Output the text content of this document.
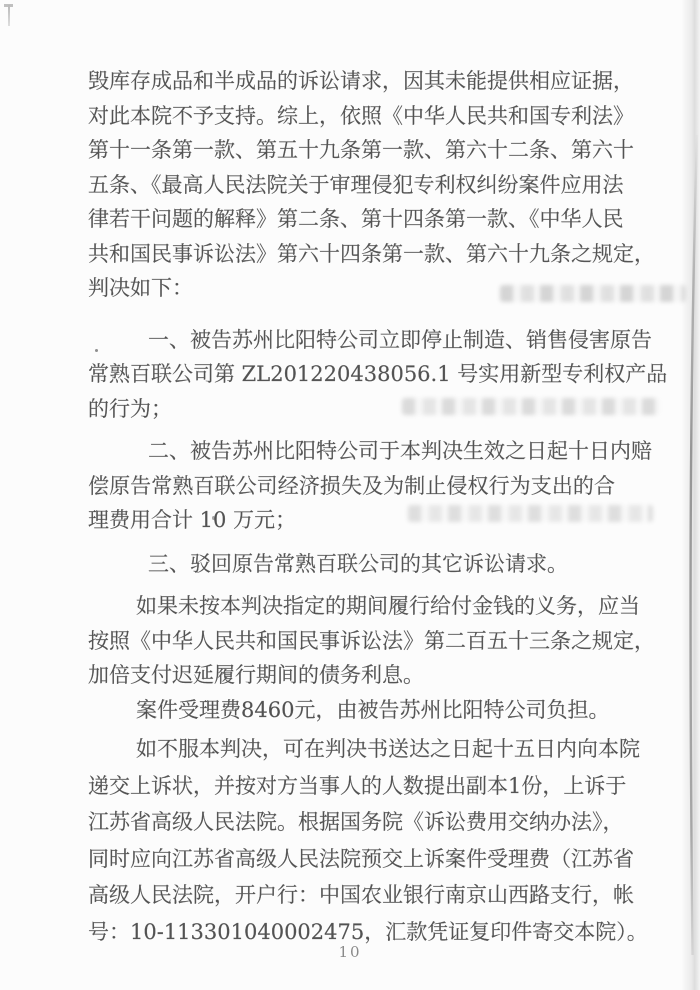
毁库存成品和半成品的诉讼请求，因其未能提供相应证据，
对此本院不予支持。综上，依照《中华人民共和国专利法》
第十一条第一款、第五十九条第一款、第六十二条、第六十
五条、《最高人民法院关于审理侵犯专利权纠纷案件应用法
律若干问题的解释》第二条、第十四条第一款、《中华人民
共和国民事诉讼法》第六十四条第一款、第六十九条之规定，
判决如下：
一、被告苏州比阳特公司立即停止制造、销售侵害原告
常熟百联公司第 ZL201220438056.1 号实用新型专利权产品
的行为；
二、被告苏州比阳特公司于本判决生效之日起十日内赔
偿原告常熟百联公司经济损失及为制止侵权行为支出的合
理费用合计 10 万元；
三、驳回原告常熟百联公司的其它诉讼请求。
如果未按本判决指定的期间履行给付金钱的义务，应当
按照《中华人民共和国民事诉讼法》第二百五十三条之规定，
加倍支付迟延履行期间的债务利息。
案件受理费8460元，由被告苏州比阳特公司负担。
如不服本判决，可在判决书送达之日起十五日内向本院
递交上诉状，并按对方当事人的人数提出副本1份，上诉于
江苏省高级人民法院。根据国务院《诉讼费用交纳办法》，
同时应向江苏省高级人民法院预交上诉案件受理费（江苏省
高级人民法院，开户行：中国农业银行南京山西路支行，帐
号：10-113301040002475，汇款凭证复印件寄交本院）。
10
